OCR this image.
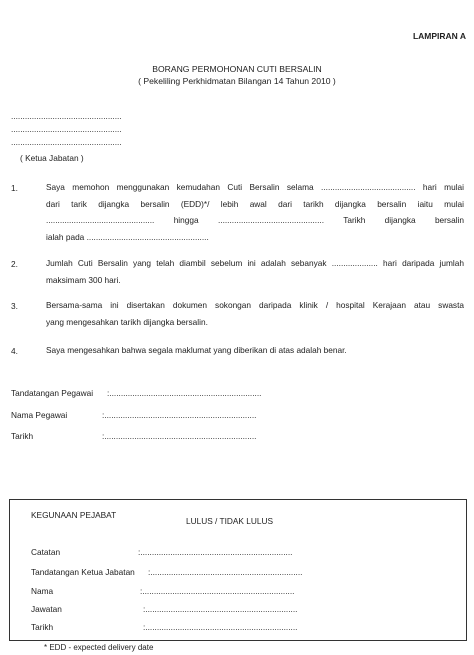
LAMPIRAN A
BORANG PERMOHONAN CUTI BERSALIN
( Pekeliling Perkhidmatan Bilangan 14 Tahun 2010 )
................................................
................................................
................................................
( Ketua Jabatan )
1.	Saya memohon menggunakan kemudahan Cuti Bersalin selama ......................................... hari mulai
dari tarik dijangka bersalin (EDD)*/ lebih awal dari tarikh dijangka bersalin iaitu mulai
............................................... hingga .............................................. Tarikh dijangka bersalin
ialah pada .....................................................
2.	Jumlah Cuti Bersalin yang telah diambil sebelum ini adalah sebanyak .................... hari daripada jumlah
maksimam 300 hari.
3.	Bersama-sama ini disertakan dokumen sokongan daripada klinik / hospital Kerajaan atau swasta
yang mengesahkan tarikh dijangka bersalin.
4.	Saya mengesahkan bahwa segala maklumat yang diberikan di atas adalah benar.
Tandatangan Pegawai :..................................................................
Nama Pegawai	:..................................................................
Tarikh	:..................................................................
KEGUNAAN PEJABAT
LULUS / TIDAK LULUS
Catatan	:..................................................................
Tandatangan Ketua Jabatan :..................................................................
Nama	:..................................................................
Jawatan	:..................................................................
Tarikh	:..................................................................
* EDD - expected delivery date
